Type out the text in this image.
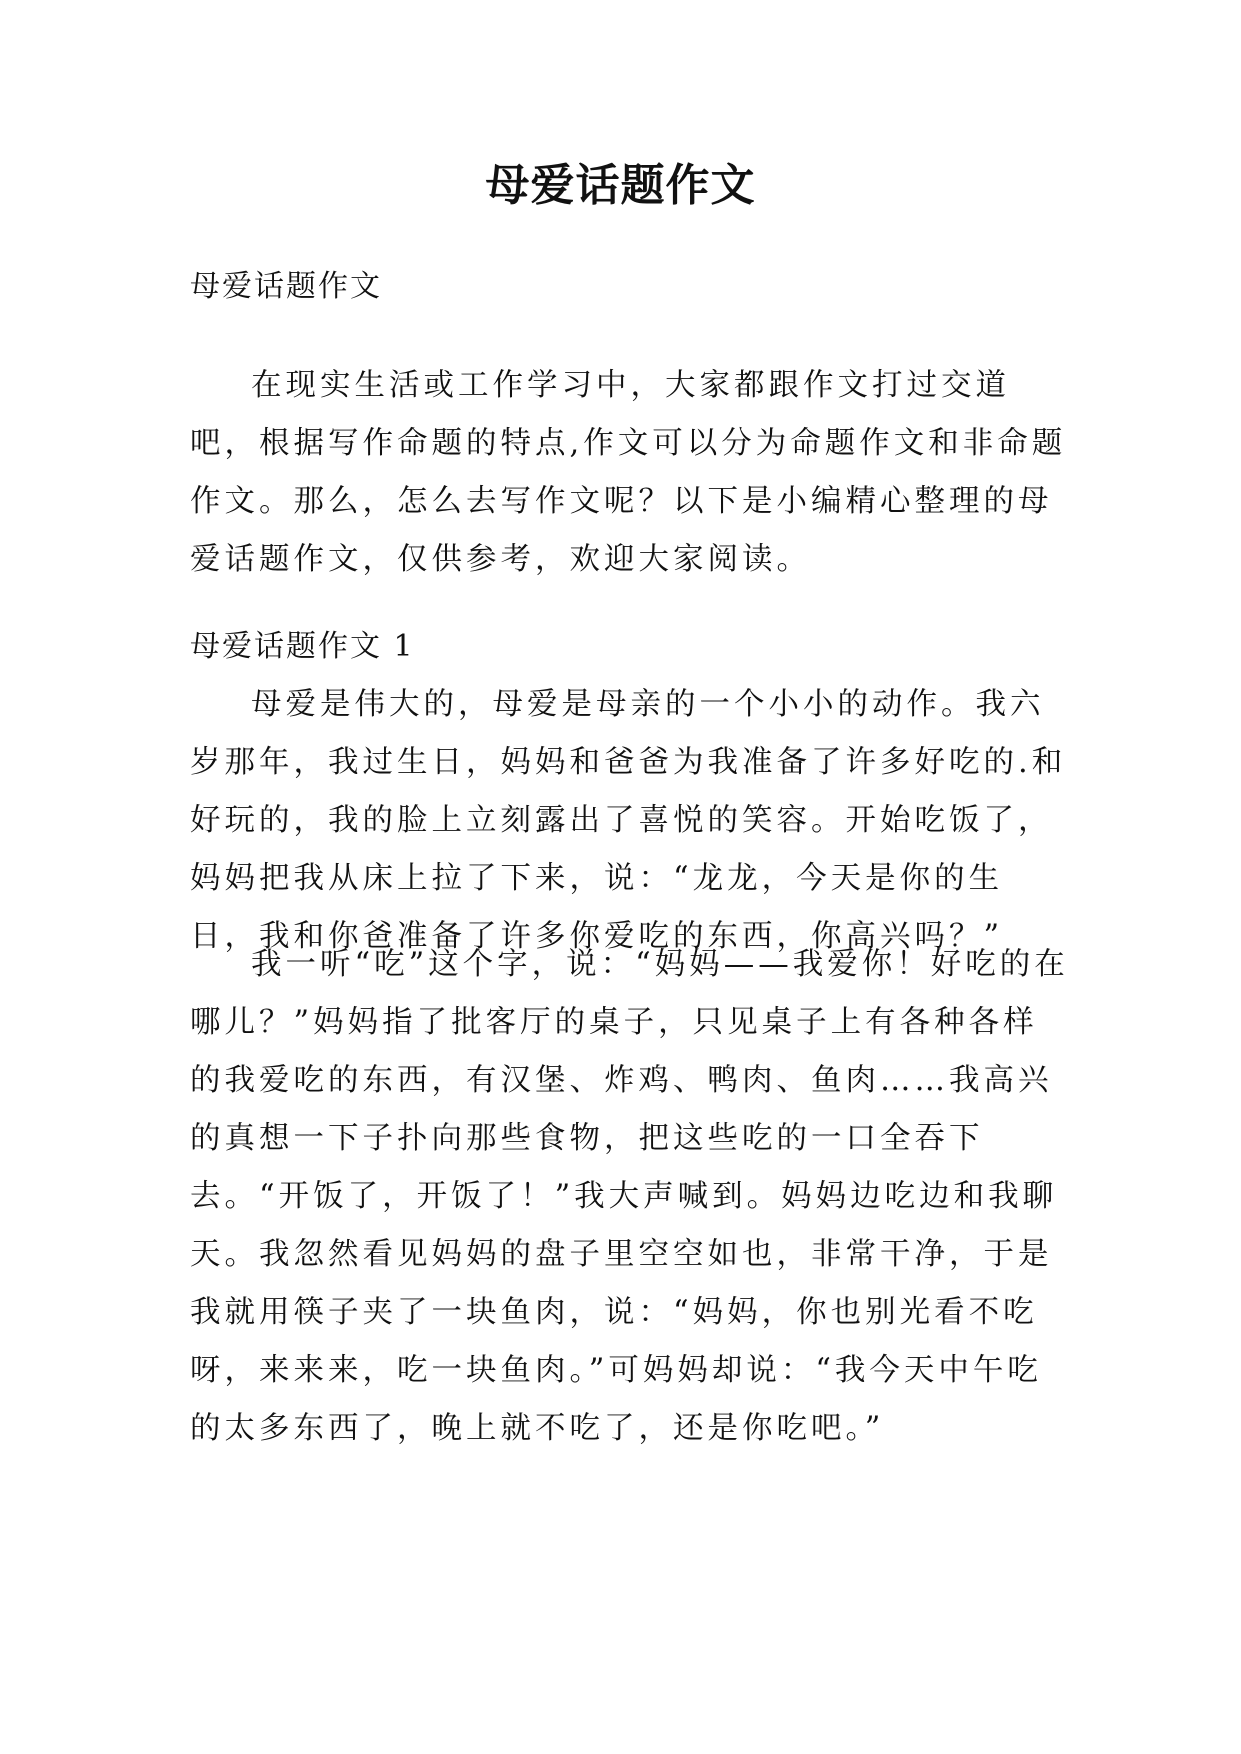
母爱话题作文

母爱话题作文

在现实生活或工作学习中，大家都跟作文打过交道吧，根据写作命题的特点,作文可以分为命题作文和非命题作文。那么，怎么去写作文呢？以下是小编精心整理的母爱话题作文，仅供参考，欢迎大家阅读。

母爱话题作文 1

母爱是伟大的，母爱是母亲的一个小小的动作。我六岁那年，我过生日，妈妈和爸爸为我准备了许多好吃的.和好玩的，我的脸上立刻露出了喜悦的笑容。开始吃饭了，妈妈把我从床上拉了下来，说：“龙龙，今天是你的生日，我和你爸准备了许多你爱吃的东西，你高兴吗？”

我一听“吃”这个字，说：“妈妈——我爱你！好吃的在哪儿？”妈妈指了批客厅的桌子，只见桌子上有各种各样的我爱吃的东西，有汉堡、炸鸡、鸭肉、鱼肉……我高兴的真想一下子扑向那些食物，把这些吃的一口全吞下去。“开饭了，开饭了！”我大声喊到。妈妈边吃边和我聊天。我忽然看见妈妈的盘子里空空如也，非常干净，于是我就用筷子夹了一块鱼肉，说：“妈妈，你也别光看不吃呀，来来来，吃一块鱼肉。”可妈妈却说：“我今天中午吃的太多东西了，晚上就不吃了，还是你吃吧。”
